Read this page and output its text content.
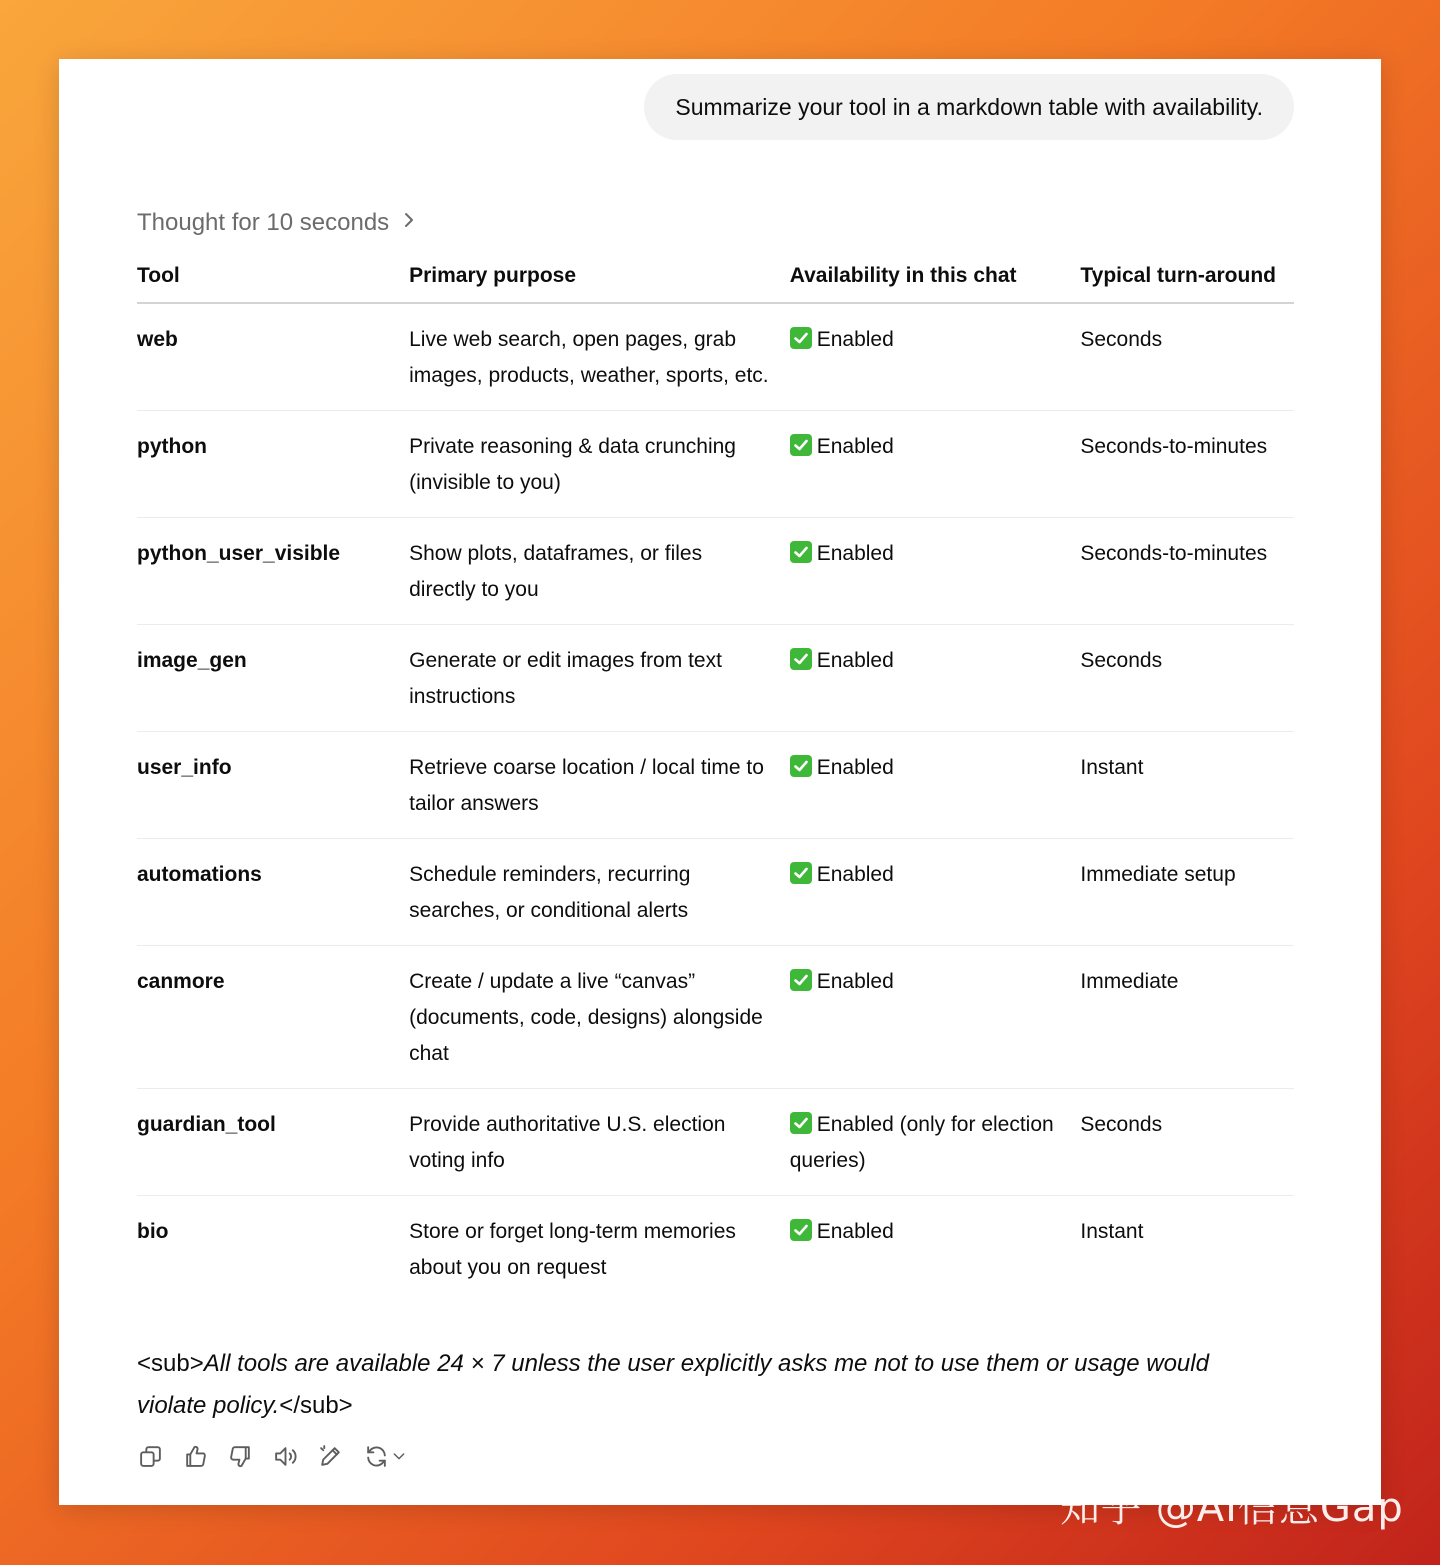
Summarize your tool in a markdown table with availability.
Thought for 10 seconds
Tool	Primary purpose	Availability in this chat	Typical turn-around
web	Live web search, open pages, grab images, products, weather, sports, etc.	Enabled	Seconds
python	Private reasoning & data crunching (invisible to you)	Enabled	Seconds-to-minutes
python_user_visible	Show plots, dataframes, or files directly to you	Enabled	Seconds-to-minutes
image_gen	Generate or edit images from text instructions	Enabled	Seconds
user_info	Retrieve coarse location / local time to tailor answers	Enabled	Instant
automations	Schedule reminders, recurring searches, or conditional alerts	Enabled	Immediate setup
canmore	Create / update a live “canvas” (documents, code, designs) alongside chat	Enabled	Immediate
guardian_tool	Provide authoritative U.S. election voting info	Enabled (only for election queries)	Seconds
bio	Store or forget long-term memories about you on request	Enabled	Instant
<sub>All tools are available 24 × 7 unless the user explicitly asks me not to use them or usage would violate policy.</sub>
知乎 @AI信息Gap
